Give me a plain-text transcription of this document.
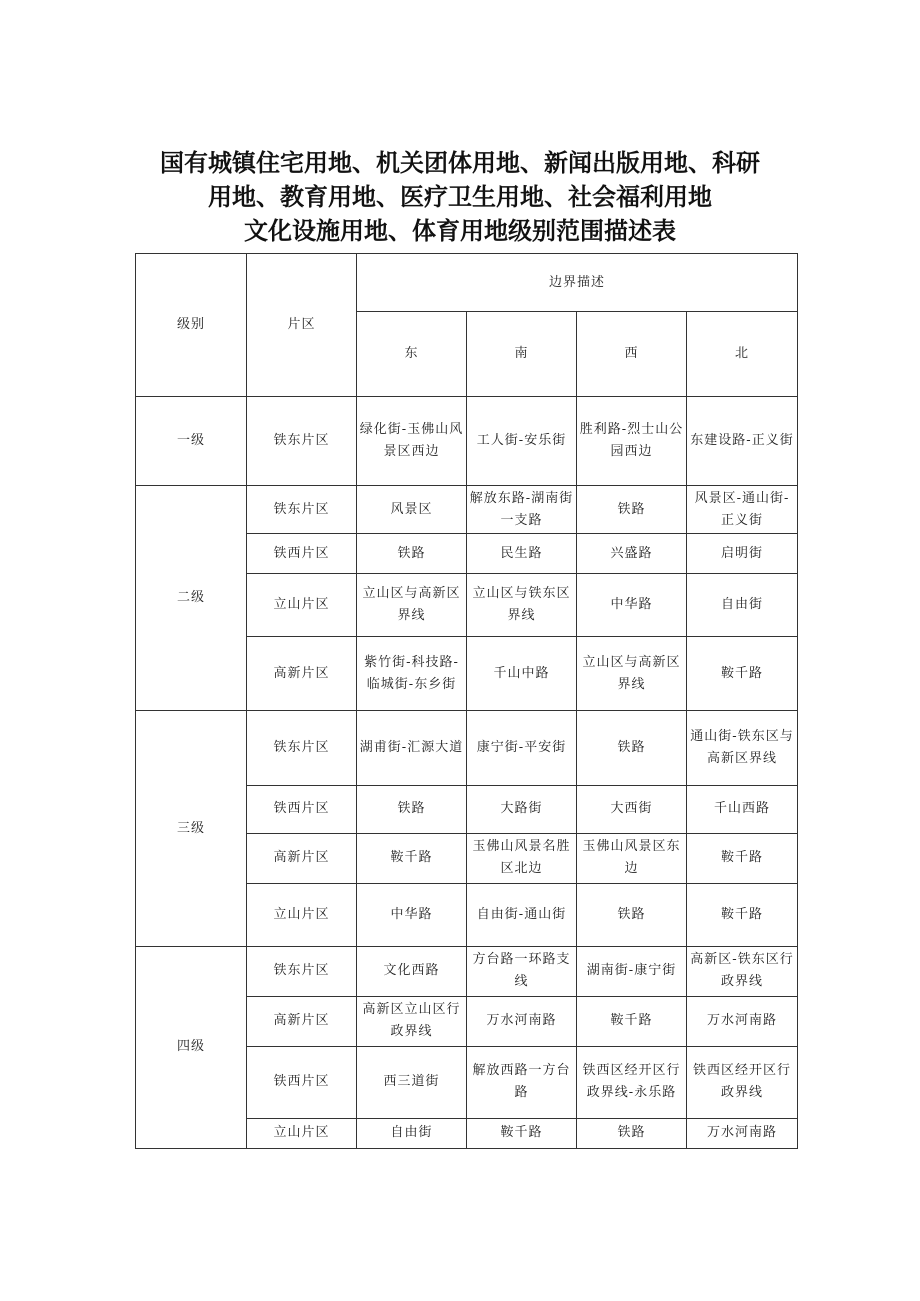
国有城镇住宅用地、机关团体用地、新闻出版用地、科研
用地、教育用地、医疗卫生用地、社会福利用地
文化设施用地、体育用地级别范围描述表
级别	片区	边界描述			
		东	南	西	北
一级	铁东片区	绿化街-玉佛山风景区西边	工人街-安乐街	胜利路-烈士山公园西边	东建设路-正义街
二级	铁东片区	风景区	解放东路-湖南街一支路	铁路	风景区-通山街-正义街
	铁西片区	铁路	民生路	兴盛路	启明街
	立山片区	立山区与高新区界线	立山区与铁东区界线	中华路	自由街
	高新片区	紫竹街-科技路-临城街-东乡街	千山中路	立山区与高新区界线	鞍千路
三级	铁东片区	湖甫街-汇源大道	康宁街-平安街	铁路	通山街-铁东区与高新区界线
	铁西片区	铁路	大路街	大西街	千山西路
	高新片区	鞍千路	玉佛山风景名胜区北边	玉佛山风景区东边	鞍千路
	立山片区	中华路	自由街-通山街	铁路	鞍千路
四级	铁东片区	文化西路	方台路一环路支线	湖南街-康宁街	高新区-铁东区行政界线
	高新片区	高新区立山区行政界线	万水河南路	鞍千路	万水河南路
	铁西片区	西三道街	解放西路一方台路	铁西区经开区行政界线-永乐路	铁西区经开区行政界线
	立山片区	自由街	鞍千路	铁路	万水河南路
